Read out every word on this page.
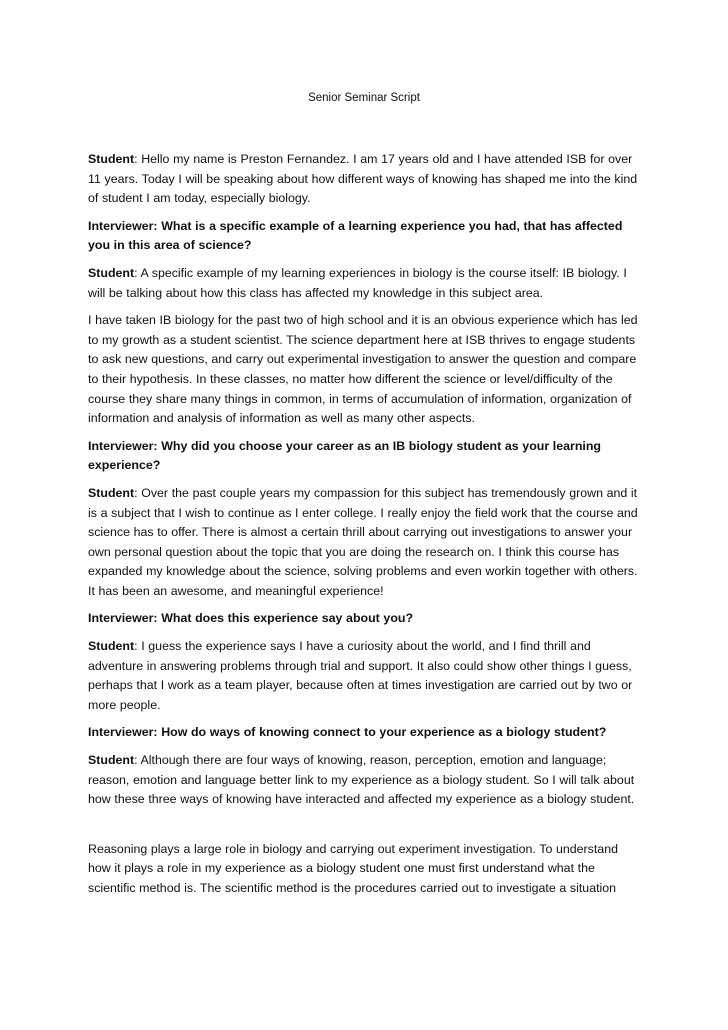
Senior Seminar Script

Student: Hello my name is Preston Fernandez. I am 17 years old and I have attended ISB for over 11 years. Today I will be speaking about how different ways of knowing has shaped me into the kind of student I am today, especially biology.

Interviewer: What is a specific example of a learning experience you had, that has affected you in this area of science?

Student: A specific example of my learning experiences in biology is the course itself: IB biology. I will be talking about how this class has affected my knowledge in this subject area.

I have taken IB biology for the past two of high school and it is an obvious experience which has led to my growth as a student scientist. The science department here at ISB thrives to engage students to ask new questions, and carry out experimental investigation to answer the question and compare to their hypothesis. In these classes, no matter how different the science or level/difficulty of the course they share many things in common, in terms of accumulation of information, organization of information and analysis of information as well as many other aspects.

Interviewer: Why did you choose your career as an IB biology student as your learning experience?

Student: Over the past couple years my compassion for this subject has tremendously grown and it is a subject that I wish to continue as I enter college. I really enjoy the field work that the course and science has to offer. There is almost a certain thrill about carrying out investigations to answer your own personal question about the topic that you are doing the research on. I think this course has expanded my knowledge about the science, solving problems and even workin together with others. It has been an awesome, and meaningful experience!

Interviewer: What does this experience say about you?

Student: I guess the experience says I have a curiosity about the world, and I find thrill and adventure in answering problems through trial and support. It also could show other things I guess, perhaps that I work as a team player, because often at times investigation are carried out by two or more people.

Interviewer: How do ways of knowing connect to your experience as a biology student?

Student: Although there are four ways of knowing, reason, perception, emotion and language; reason, emotion and language better link to my experience as a biology student. So I will talk about how these three ways of knowing have interacted and affected my experience as a biology student.

Reasoning plays a large role in biology and carrying out experiment investigation. To understand how it plays a role in my experience as a biology student one must first understand what the scientific method is. The scientific method is the procedures carried out to investigate a situation
